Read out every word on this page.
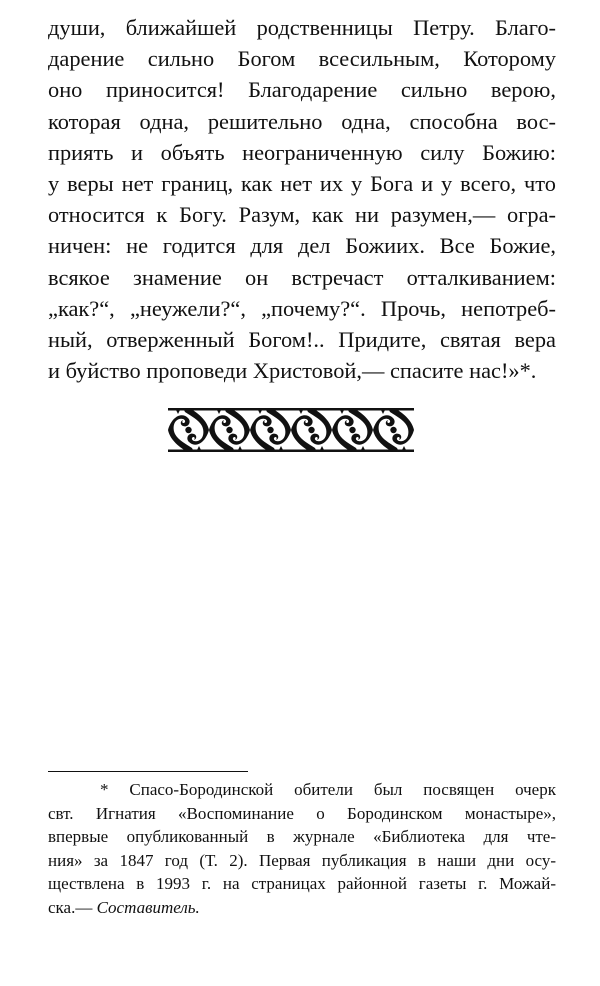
души, ближайшей родственницы Петру. Благо-
дарение сильно Богом всесильным, Которому
оно приносится! Благодарение сильно верою,
которая одна, решительно одна, способна вос-
приять и объять неограниченную силу Божию:
у веры нет границ, как нет их у Бога и у всего, что
относится к Богу. Разум, как ни разумен,— огра-
ничен: не годится для дел Божиих. Все Божие,
всякое знамение он встречаст отталкиванием:
„как?“, „неужели?“, „почему?“. Прочь, непотреб-
ный, отверженный Богом!.. Придите, святая вера
и буйство проповеди Христовой,— спасите нас!»*.
* Спасо-Бородинской обители был посвящен очерк
свт. Игнатия «Воспоминание о Бородинском монастыре»,
впервые опубликованный в журнале «Библиотека для чте-
ния» за 1847 год (Т. 2). Первая публикация в наши дни осу-
ществлена в 1993 г. на страницах районной газеты г. Можай-
ска.— Составитель.
